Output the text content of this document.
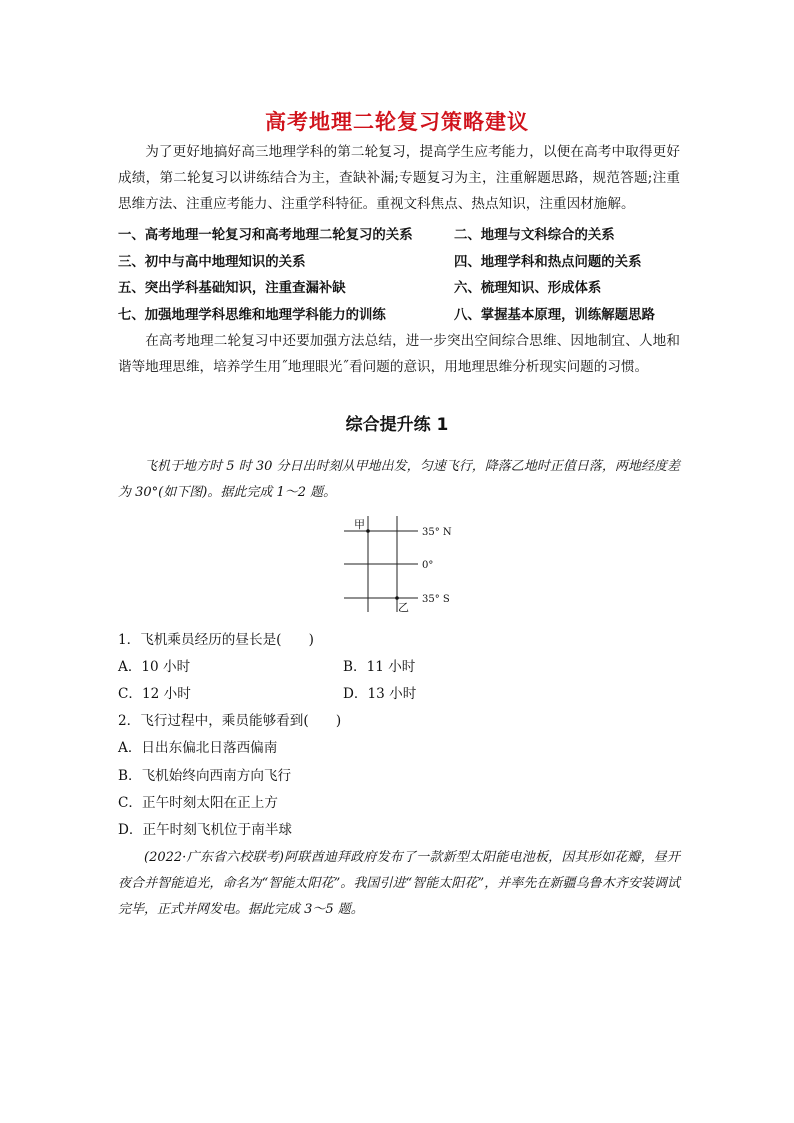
高考地理二轮复习策略建议
为了更好地搞好高三地理学科的第二轮复习，提高学生应考能力，以便在高考中取得更好成绩，第二轮复习以讲练结合为主，查缺补漏;专题复习为主，注重解题思路，规范答题;注重思维方法、注重应考能力、注重学科特征。重视文科焦点、热点知识，注重因材施解。
一、高考地理一轮复习和高考地理二轮复习的关系	二、地理与文科综合的关系
三、初中与高中地理知识的关系	四、地理学科和热点问题的关系
五、突出学科基础知识，注重查漏补缺	六、梳理知识、形成体系
七、加强地理学科思维和地理学科能力的训练	八、掌握基本原理，训练解题思路
在高考地理二轮复习中还要加强方法总结，进一步突出空间综合思维、因地制宜、人地和谐等地理思维，培养学生用˝地理眼光˝看问题的意识，用地理思维分析现实问题的习惯。
综合提升练 1
飞机于地方时 5 时 30 分日出时刻从甲地出发，匀速飞行，降落乙地时正值日落，两地经度差为 30°(如下图)。据此完成 1～2 题。
甲
乙
35° N
0°
35° S
1．飞机乘员经历的昼长是(　　)
A．10 小时	B．11 小时
C．12 小时	D．13 小时
2．飞行过程中，乘员能够看到(　　)
A．日出东偏北日落西偏南
B．飞机始终向西南方向飞行
C．正午时刻太阳在正上方
D．正午时刻飞机位于南半球
(2022·广东省六校联考)阿联酋迪拜政府发布了一款新型太阳能电池板，因其形如花瓣，昼开夜合并智能追光，命名为“智能太阳花”。我国引进“智能太阳花”，并率先在新疆乌鲁木齐安装调试完毕，正式并网发电。据此完成 3～5 题。
